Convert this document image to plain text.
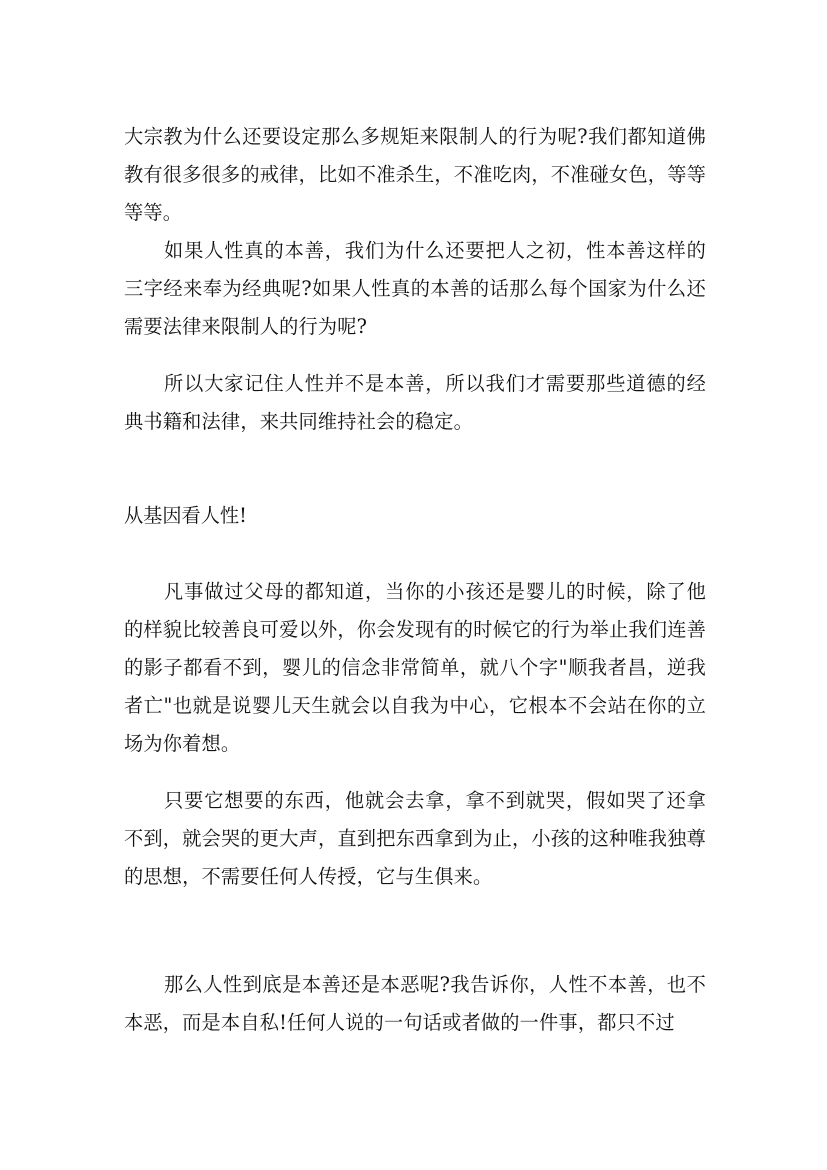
大宗教为什么还要设定那么多规矩来限制人的行为呢?我们都知道佛教有很多很多的戒律，比如不准杀生，不准吃肉，不准碰女色，等等等等。

如果人性真的本善，我们为什么还要把人之初，性本善这样的三字经来奉为经典呢?如果人性真的本善的话那么每个国家为什么还需要法律来限制人的行为呢?

所以大家记住人性并不是本善，所以我们才需要那些道德的经典书籍和法律，来共同维持社会的稳定。

从基因看人性!

凡事做过父母的都知道，当你的小孩还是婴儿的时候，除了他的样貌比较善良可爱以外，你会发现有的时候它的行为举止我们连善的影子都看不到，婴儿的信念非常简单，就八个字"顺我者昌，逆我者亡"也就是说婴儿天生就会以自我为中心，它根本不会站在你的立场为你着想。

只要它想要的东西，他就会去拿，拿不到就哭，假如哭了还拿不到，就会哭的更大声，直到把东西拿到为止，小孩的这种唯我独尊的思想，不需要任何人传授，它与生俱来。

那么人性到底是本善还是本恶呢?我告诉你，人性不本善，也不本恶，而是本自私!任何人说的一句话或者做的一件事，都只不过
